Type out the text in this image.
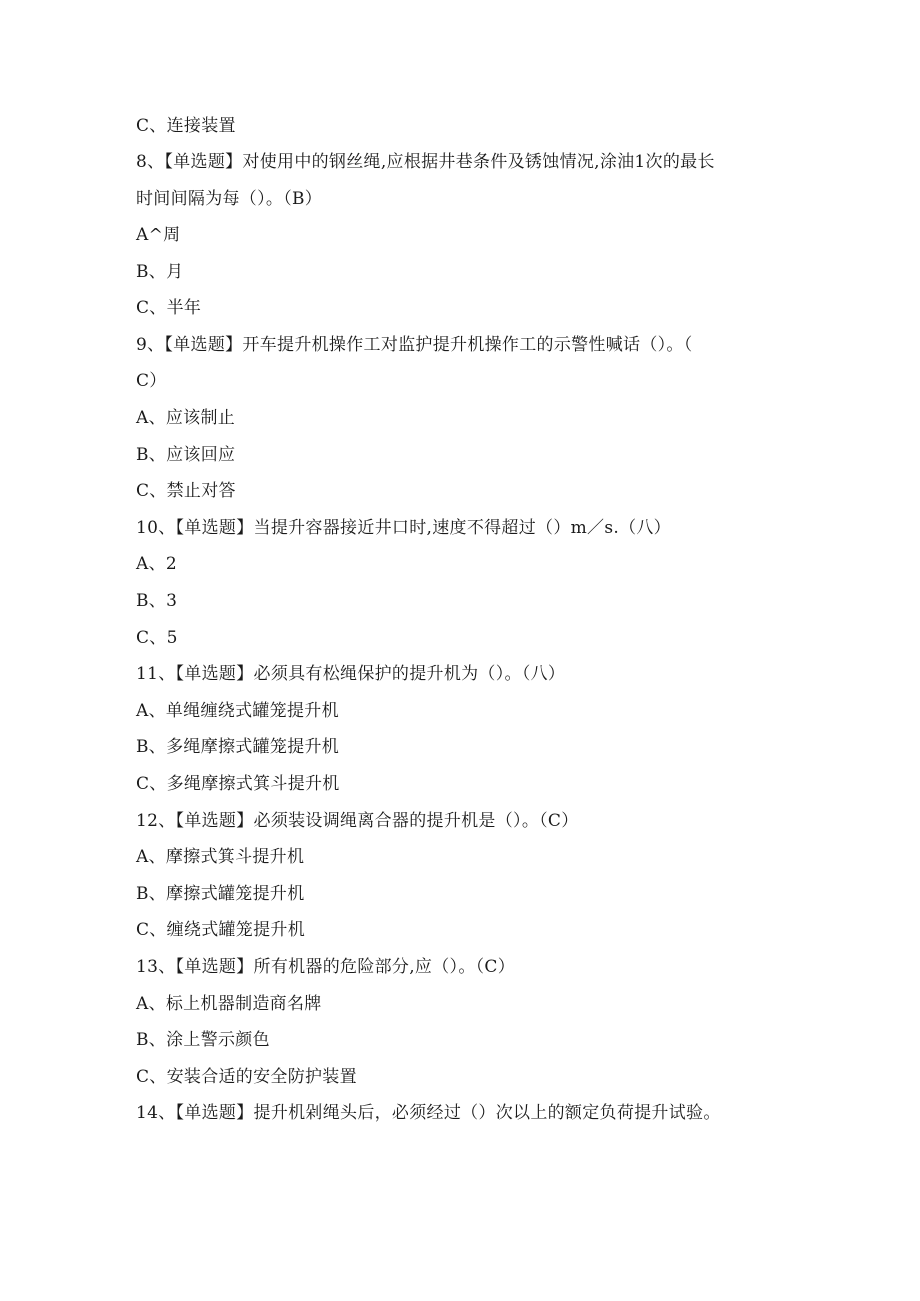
C、连接装置
8、【单选题】对使用中的钢丝绳,应根据井巷条件及锈蚀情况,涂油1次的最长
时间间隔为每（）。（B）
A^周
B、月
C、半年
9、【单选题】开车提升机操作工对监护提升机操作工的示警性喊话（）。（
C）
A、应该制止
B、应该回应
C、禁止对答
10、【单选题】当提升容器接近井口时,速度不得超过（）m／s.（八）
A、2
B、3
C、5
11、【单选题】必须具有松绳保护的提升机为（）。（八）
A、单绳缠绕式罐笼提升机
B、多绳摩擦式罐笼提升机
C、多绳摩擦式箕斗提升机
12、【单选题】必须装设调绳离合器的提升机是（）。（C）
A、摩擦式箕斗提升机
B、摩擦式罐笼提升机
C、缠绕式罐笼提升机
13、【单选题】所有机器的危险部分,应（）。（C）
A、标上机器制造商名牌
B、涂上警示颜色
C、安装合适的安全防护装置
14、【单选题】提升机剁绳头后，必须经过（）次以上的额定负荷提升试验。
